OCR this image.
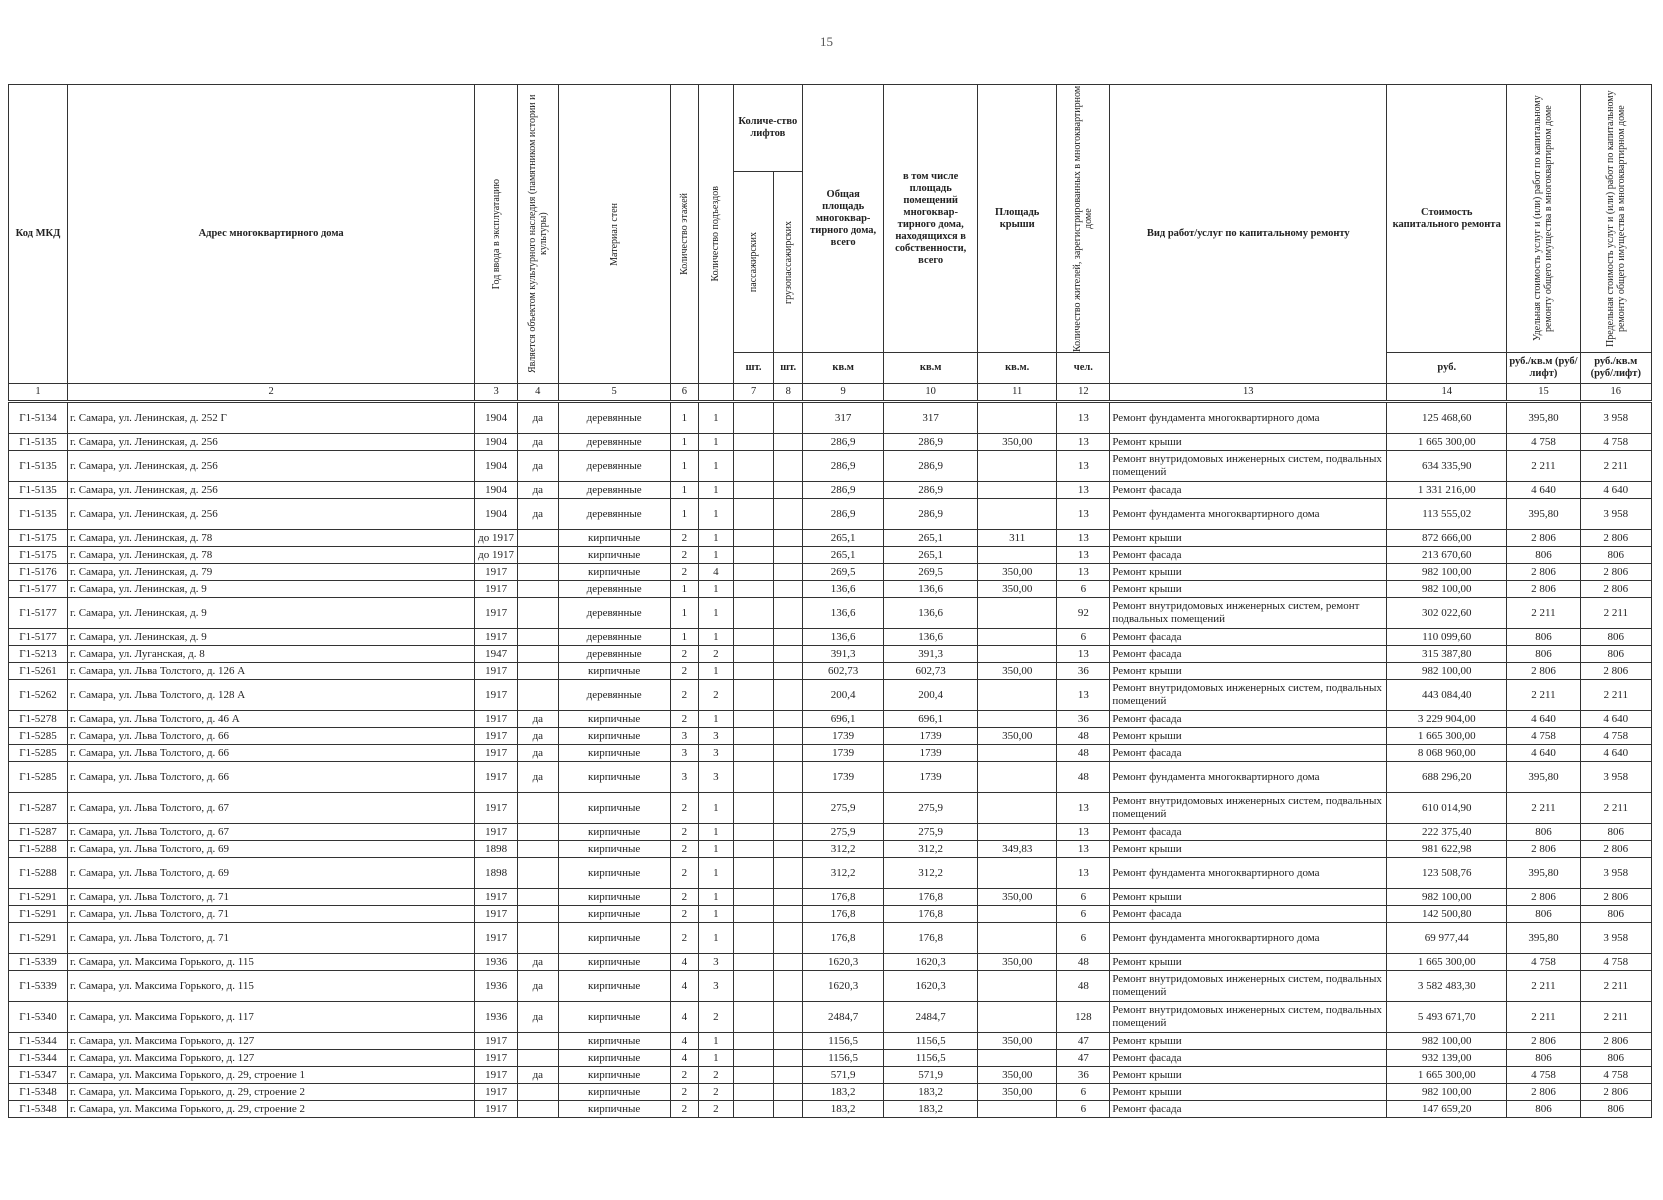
15
Код МКД	Адрес многоквартирного дома	Год ввода в эксплуатацию	Является объектом культурного наследия (памятником истории и культуры)	Материал стен	Количество этажей	Количество подъездов	Количе-ство лифтов		Общая площадь многоквар-тирного дома, всего	в том числе площадь помещений многоквар-тирного дома, находящихся в собственности, всего	Площадь крыши	Количество жителей, зарегистрированных в многоквартирном доме	Вид работ/услуг по капитальному ремонту	Стоимость капитального ремонта	Удельная стоимость услуг и (или) работ по капитальному ремонту общего имущества в многоквартирном доме	Предельная стоимость услуг и (или) работ по капитальному ремонту общего имущества в многоквартирном доме

							пассажирских	грузопассажирских								

							шт.	шт.	кв.м	кв.м	кв.м.	чел.		руб.	руб./кв.м (руб/лифт)	руб./кв.м (руб/лифт)
1	2	3	4	5	6		7	8	9	10	11	12	13	14	15	16
Г1-5134	г. Самара, ул. Ленинская, д. 252 Г	1904	да	деревянные	1	1			317	317		13	Ремонт фундамента многоквартирного дома	125 468,60	395,80	3 958
Г1-5135	г. Самара, ул. Ленинская, д. 256	1904	да	деревянные	1	1			286,9	286,9	350,00	13	Ремонт крыши	1 665 300,00	4 758	4 758
Г1-5135	г. Самара, ул. Ленинская, д. 256	1904	да	деревянные	1	1			286,9	286,9		13	Ремонт внутридомовых инженерных систем, подвальных помещений	634 335,90	2 211	2 211
Г1-5135	г. Самара, ул. Ленинская, д. 256	1904	да	деревянные	1	1			286,9	286,9		13	Ремонт фасада	1 331 216,00	4 640	4 640
Г1-5135	г. Самара, ул. Ленинская, д. 256	1904	да	деревянные	1	1			286,9	286,9		13	Ремонт фундамента многоквартирного дома	113 555,02	395,80	3 958
Г1-5175	г. Самара, ул. Ленинская, д. 78	до 1917		кирпичные	2	1			265,1	265,1	311	13	Ремонт крыши	872 666,00	2 806	2 806
Г1-5175	г. Самара, ул. Ленинская, д. 78	до 1917		кирпичные	2	1			265,1	265,1		13	Ремонт фасада	213 670,60	806	806
Г1-5176	г. Самара, ул. Ленинская, д. 79	1917		кирпичные	2	4			269,5	269,5	350,00	13	Ремонт крыши	982 100,00	2 806	2 806
Г1-5177	г. Самара, ул. Ленинская, д. 9	1917		деревянные	1	1			136,6	136,6	350,00	6	Ремонт крыши	982 100,00	2 806	2 806
Г1-5177	г. Самара, ул. Ленинская, д. 9	1917		деревянные	1	1			136,6	136,6		92	Ремонт внутридомовых инженерных систем, ремонт подвальных помещений	302 022,60	2 211	2 211
Г1-5177	г. Самара, ул. Ленинская, д. 9	1917		деревянные	1	1			136,6	136,6		6	Ремонт фасада	110 099,60	806	806
Г1-5213	г. Самара, ул. Луганская, д. 8	1947		деревянные	2	2			391,3	391,3		13	Ремонт фасада	315 387,80	806	806
Г1-5261	г. Самара, ул. Льва Толстого, д. 126 А	1917		кирпичные	2	1			602,73	602,73	350,00	36	Ремонт крыши	982 100,00	2 806	2 806
Г1-5262	г. Самара, ул. Льва Толстого, д. 128 А	1917		деревянные	2	2			200,4	200,4		13	Ремонт внутридомовых инженерных систем, подвальных помещений	443 084,40	2 211	2 211
Г1-5278	г. Самара, ул. Льва Толстого, д. 46 А	1917	да	кирпичные	2	1			696,1	696,1		36	Ремонт фасада	3 229 904,00	4 640	4 640
Г1-5285	г. Самара, ул. Льва Толстого, д. 66	1917	да	кирпичные	3	3			1739	1739	350,00	48	Ремонт крыши	1 665 300,00	4 758	4 758
Г1-5285	г. Самара, ул. Льва Толстого, д. 66	1917	да	кирпичные	3	3			1739	1739		48	Ремонт фасада	8 068 960,00	4 640	4 640
Г1-5285	г. Самара, ул. Льва Толстого, д. 66	1917	да	кирпичные	3	3			1739	1739		48	Ремонт фундамента многоквартирного дома	688 296,20	395,80	3 958
Г1-5287	г. Самара, ул. Льва Толстого, д. 67	1917		кирпичные	2	1			275,9	275,9		13	Ремонт внутридомовых инженерных систем, подвальных помещений	610 014,90	2 211	2 211
Г1-5287	г. Самара, ул. Льва Толстого, д. 67	1917		кирпичные	2	1			275,9	275,9		13	Ремонт фасада	222 375,40	806	806
Г1-5288	г. Самара, ул. Льва Толстого, д. 69	1898		кирпичные	2	1			312,2	312,2	349,83	13	Ремонт крыши	981 622,98	2 806	2 806
Г1-5288	г. Самара, ул. Льва Толстого, д. 69	1898		кирпичные	2	1			312,2	312,2		13	Ремонт фундамента многоквартирного дома	123 508,76	395,80	3 958
Г1-5291	г. Самара, ул. Льва Толстого, д. 71	1917		кирпичные	2	1			176,8	176,8	350,00	6	Ремонт крыши	982 100,00	2 806	2 806
Г1-5291	г. Самара, ул. Льва Толстого, д. 71	1917		кирпичные	2	1			176,8	176,8		6	Ремонт фасада	142 500,80	806	806
Г1-5291	г. Самара, ул. Льва Толстого, д. 71	1917		кирпичные	2	1			176,8	176,8		6	Ремонт фундамента многоквартирного дома	69 977,44	395,80	3 958
Г1-5339	г. Самара, ул. Максима Горького, д. 115	1936	да	кирпичные	4	3			1620,3	1620,3	350,00	48	Ремонт крыши	1 665 300,00	4 758	4 758
Г1-5339	г. Самара, ул. Максима Горького, д. 115	1936	да	кирпичные	4	3			1620,3	1620,3		48	Ремонт внутридомовых инженерных систем, подвальных помещений	3 582 483,30	2 211	2 211
Г1-5340	г. Самара, ул. Максима Горького, д. 117	1936	да	кирпичные	4	2			2484,7	2484,7		128	Ремонт внутридомовых инженерных систем, подвальных помещений	5 493 671,70	2 211	2 211
Г1-5344	г. Самара, ул. Максима Горького, д. 127	1917		кирпичные	4	1			1156,5	1156,5	350,00	47	Ремонт крыши	982 100,00	2 806	2 806
Г1-5344	г. Самара, ул. Максима Горького, д. 127	1917		кирпичные	4	1			1156,5	1156,5		47	Ремонт фасада	932 139,00	806	806
Г1-5347	г. Самара, ул. Максима Горького, д. 29, строение 1	1917	да	кирпичные	2	2			571,9	571,9	350,00	36	Ремонт крыши	1 665 300,00	4 758	4 758
Г1-5348	г. Самара, ул. Максима Горького, д. 29, строение 2	1917		кирпичные	2	2			183,2	183,2	350,00	6	Ремонт крыши	982 100,00	2 806	2 806
Г1-5348	г. Самара, ул. Максима Горького, д. 29, строение 2	1917		кирпичные	2	2			183,2	183,2		6	Ремонт фасада	147 659,20	806	806
